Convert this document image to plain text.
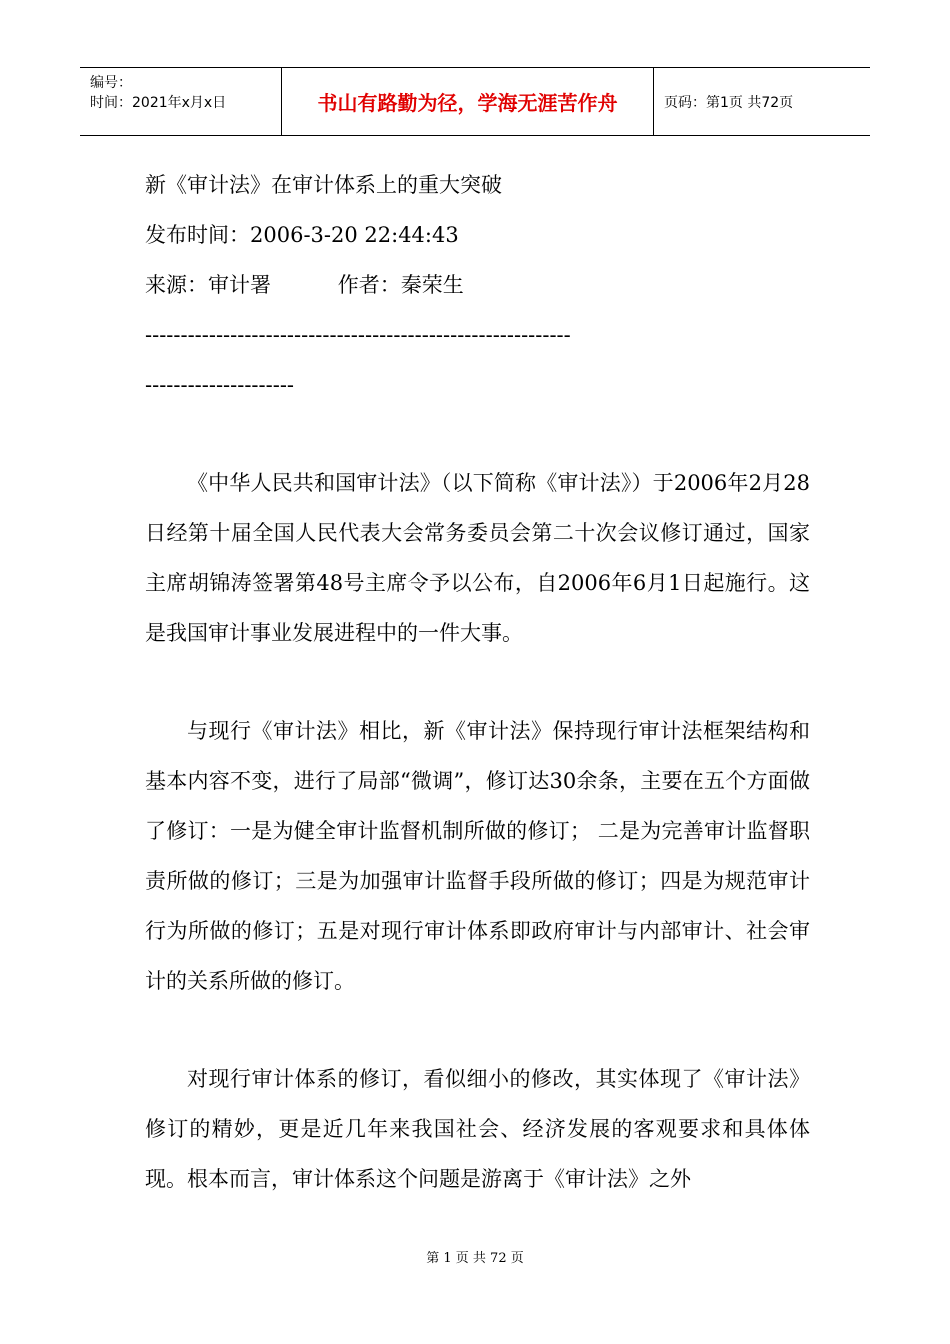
编号：
时间：2021年x月x日	书山有路勤为径，学海无涯苦作舟	页码：第1页 共72页

新《审计法》在审计体系上的重大突破

发布时间：2006-3-20 22:44:43

来源：审计署          作者：秦荣生

------------------------------------------------------------

---------------------

《中华人民共和国审计法》（以下简称《审计法》）于2006年2月28日经第十届全国人民代表大会常务委员会第二十次会议修订通过，国家主席胡锦涛签署第48号主席令予以公布，自2006年6月1日起施行。这是我国审计事业发展进程中的一件大事。

与现行《审计法》相比，新《审计法》保持现行审计法框架结构和基本内容不变，进行了局部“微调”，修订达30余条，主要在五个方面做了修订：一是为健全审计监督机制所做的修订； 二是为完善审计监督职责所做的修订；三是为加强审计监督手段所做的修订；四是为规范审计行为所做的修订；五是对现行审计体系即政府审计与内部审计、社会审计的关系所做的修订。

对现行审计体系的修订，看似细小的修改，其实体现了《审计法》修订的精妙，更是近几年来我国社会、经济发展的客观要求和具体体现。根本而言，审计体系这个问题是游离于《审计法》之外

第 1 页 共 72 页
